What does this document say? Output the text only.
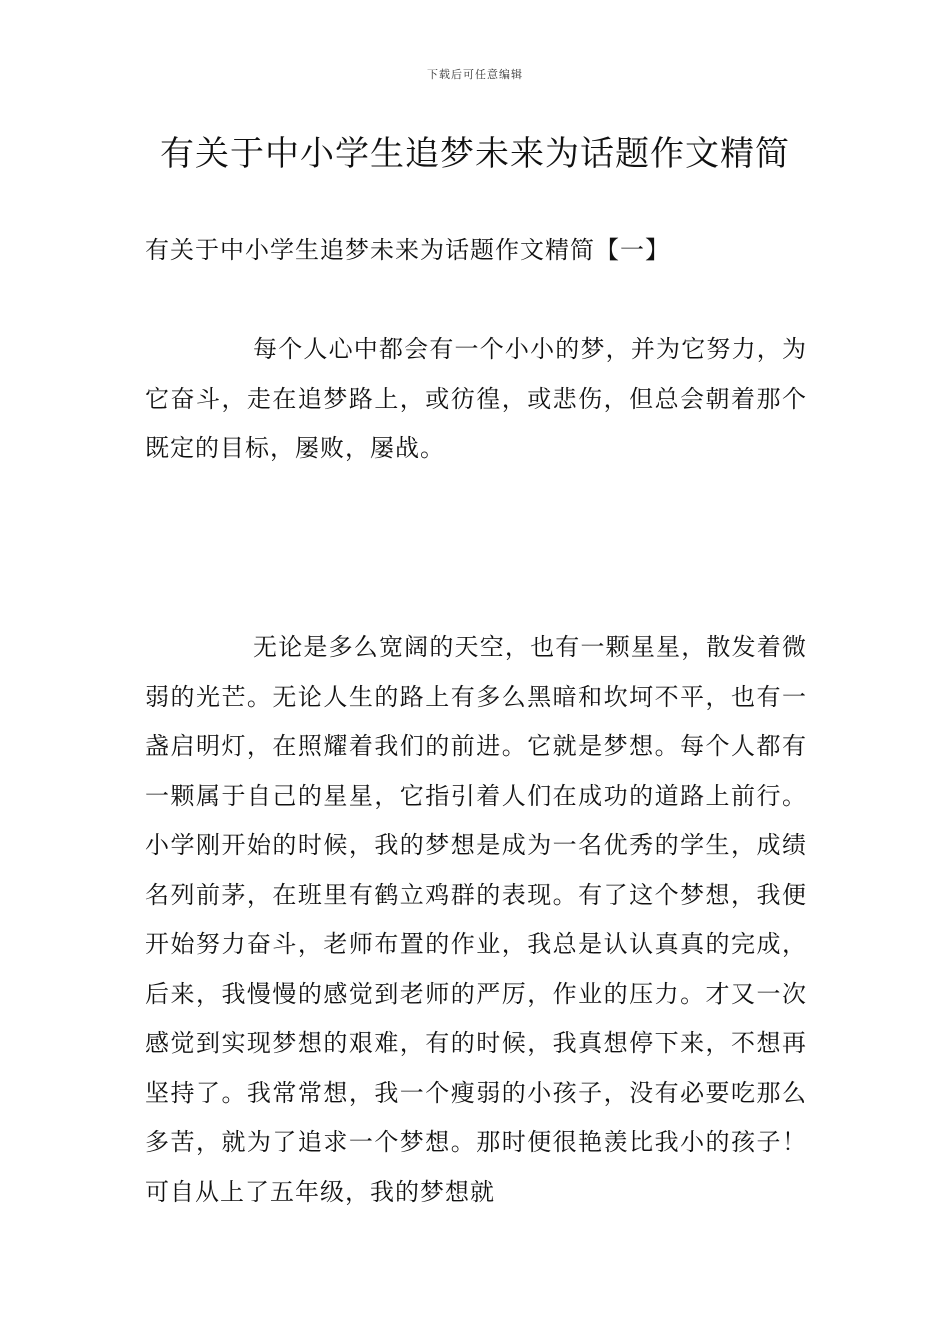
下载后可任意编辑
有关于中小学生追梦未来为话题作文精简
有关于中小学生追梦未来为话题作文精简【一】
每个人心中都会有一个小小的梦，并为它努力，为它奋斗，走在追梦路上，或彷徨，或悲伤，但总会朝着那个既定的目标，屡败，屡战。
无论是多么宽阔的天空，也有一颗星星，散发着微弱的光芒。无论人生的路上有多么黑暗和坎坷不平，也有一盏启明灯，在照耀着我们的前进。它就是梦想。每个人都有一颗属于自己的星星，它指引着人们在成功的道路上前行。小学刚开始的时候，我的梦想是成为一名优秀的学生，成绩名列前茅，在班里有鹤立鸡群的表现。有了这个梦想，我便开始努力奋斗，老师布置的作业，我总是认认真真的完成，后来，我慢慢的感觉到老师的严厉，作业的压力。才又一次感觉到实现梦想的艰难，有的时候，我真想停下来，不想再坚持了。我常常想，我一个瘦弱的小孩子，没有必要吃那么多苦，就为了追求一个梦想。那时便很艳羡比我小的孩子！可自从上了五年级，我的梦想就
